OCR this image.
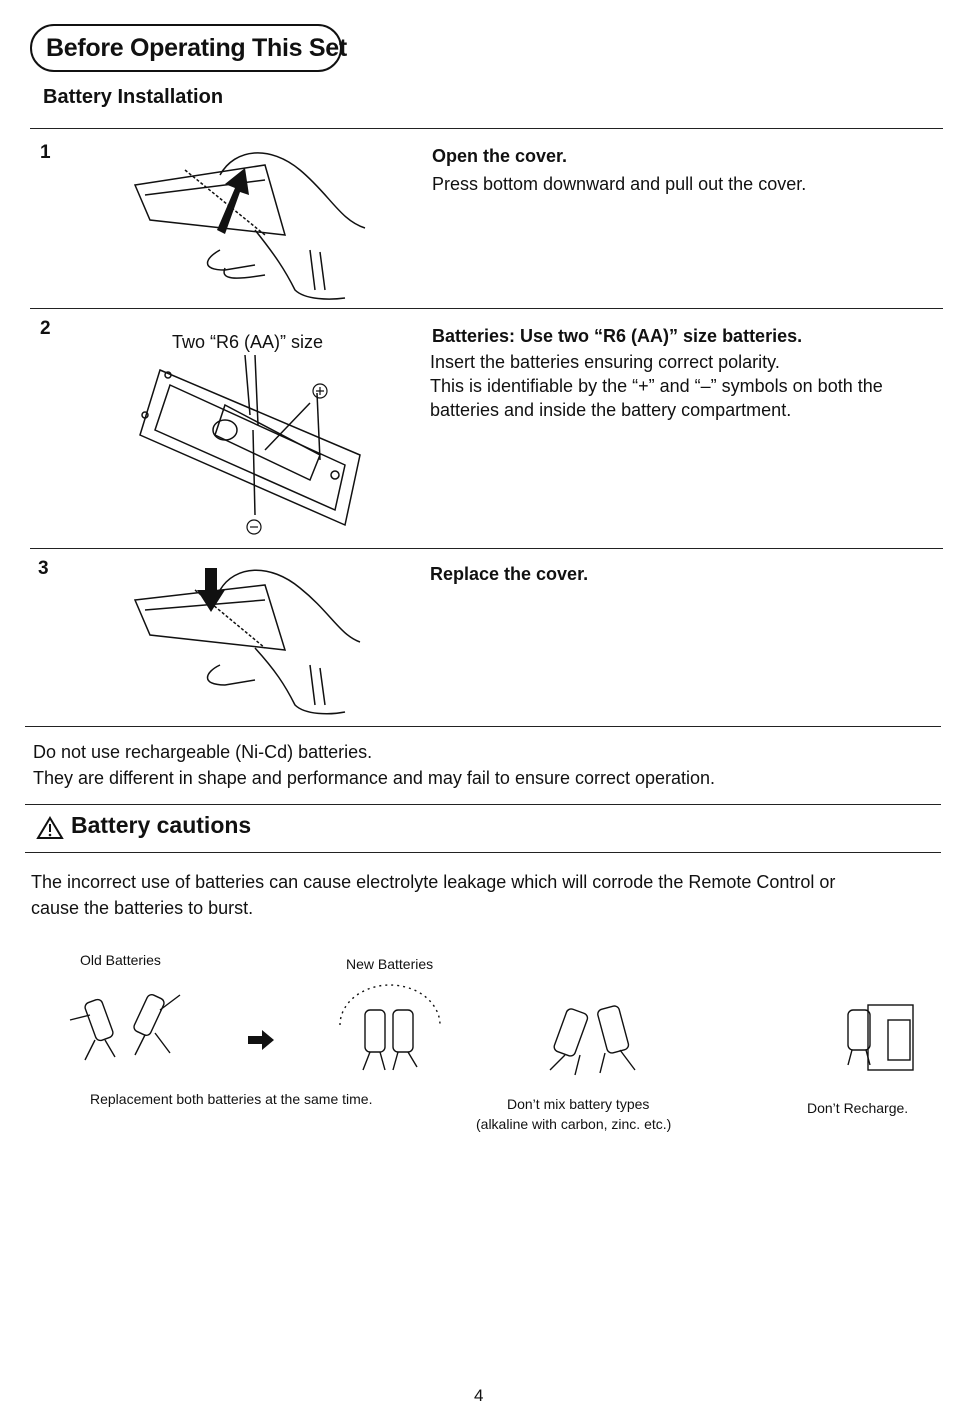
Before Operating This Set
Battery Installation
1	Open the cover.
Press bottom downward and pull out the cover.
2
Two “R6 (AA)” size	Batteries: Use two “R6 (AA)” size batteries.
Insert the batteries ensuring correct polarity.
This is identifiable by the “+” and “–” symbols on both the
batteries and inside the battery compartment.
3	Replace the cover.
Do not use rechargeable (Ni-Cd) batteries.
They are different in shape and performance and may fail to ensure correct operation.
Battery cautions
The incorrect use of batteries can cause electrolyte leakage which will corrode the Remote Control or
cause the batteries to burst.
Old Batteries	New Batteries
Replacement both batteries at the same time.	Don’t mix battery types
(alkaline with carbon, zinc. etc.)
Don’t Recharge.
4
